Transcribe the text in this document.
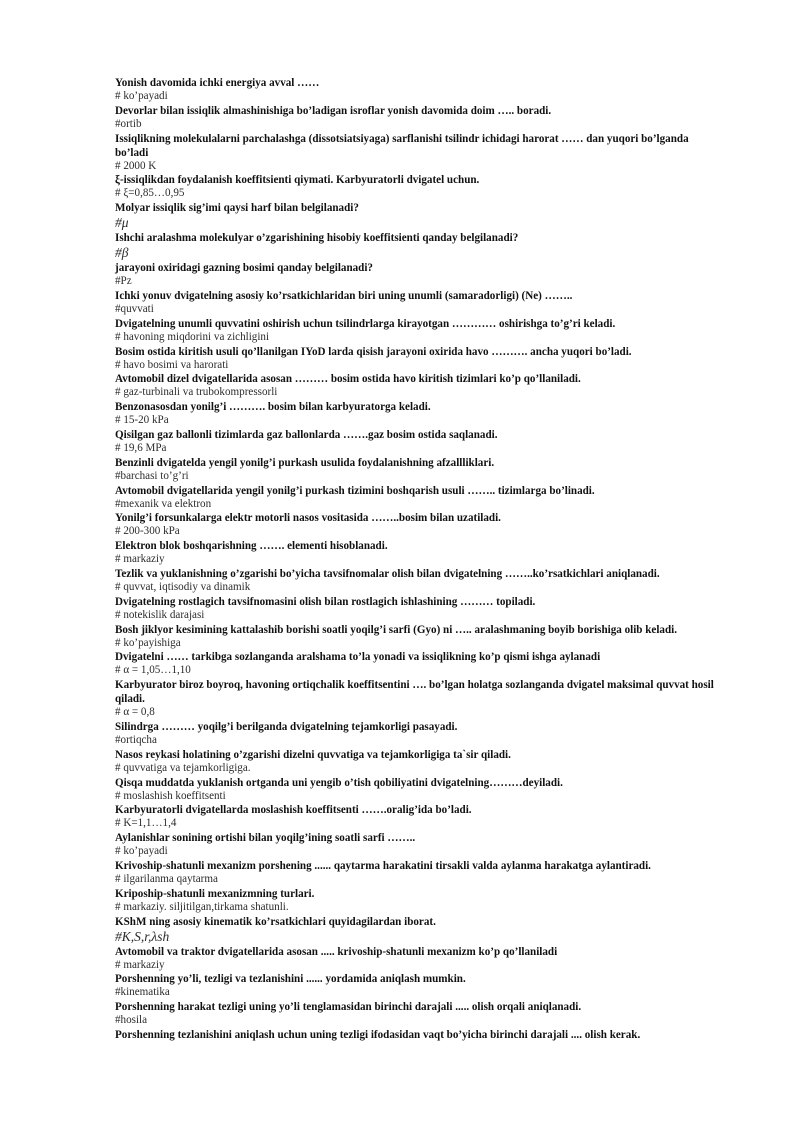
Yonish davomida ichki energiya avval ……
# ko’payadi
Devorlar bilan issiqlik almashinishiga bo’ladigan isroflar yonish davomida doim ….. boradi.
#ortib
Issiqlikning molekulalarni parchalashga (dissotsiatsiyaga) sarflanishi tsilindr ichidagi harorat …… dan yuqori bo’lganda bo’ladi
# 2000 K
ξ-issiqlikdan foydalanish koeffitsienti qiymati. Karbyuratorli dvigatel uchun.
# ξ=0,85…0,95
Molyar issiqlik sig’imi qaysi harf bilan belgilanadi?
#μ
Ishchi aralashma molekulyar o’zgarishining hisobiy koeffitsienti qanday belgilanadi?
#β
jarayoni oxiridagi gazning bosimi qanday belgilanadi?
#Pz
Ichki yonuv dvigatelning asosiy ko’rsatkichlaridan biri uning unumli (samaradorligi) (Ne) ……..
#quvvati
Dvigatelning unumli quvvatini oshirish uchun tsilindrlarga kirayotgan ………… oshirishga to’g’ri keladi.
# havoning miqdorini va zichligini
Bosim ostida kiritish usuli qo’llanilgan IYoD larda qisish jarayoni oxirida havo ………. ancha yuqori bo’ladi.
# havo bosimi va harorati
Avtomobil dizel dvigatellarida asosan ……… bosim ostida havo kiritish tizimlari ko’p qo’llaniladi.
# gaz-turbinali va trubokompressorli
Benzonasosdan yonilg’i ………. bosim bilan karbyuratorga keladi.
# 15-20 kPa
Qisilgan gaz ballonli tizimlarda gaz ballonlarda …….gaz bosim ostida saqlanadi.
# 19,6 MPa
Benzinli dvigatelda yengil yonilg’i purkash usulida foydalanishning afzallliklari.
#barchasi to’g’ri
Avtomobil dvigatellarida yengil yonilg’i purkash tizimini boshqarish usuli …….. tizimlarga bo’linadi.
#mexanik va elektron
Yonilg’i forsunkalarga elektr motorli nasos vositasida ……..bosim bilan uzatiladi.
# 200-300 kPa
Elektron blok boshqarishning ……. elementi hisoblanadi.
# markaziy
Tezlik va yuklanishning o’zgarishi bo’yicha tavsifnomalar olish bilan dvigatelning ……..ko’rsatkichlari aniqlanadi.
# quvvat, iqtisodiy va dinamik
Dvigatelning rostlagich tavsifnomasini olish bilan rostlagich ishlashining ……… topiladi.
# notekislik darajasi
Bosh jiklyor kesimining kattalashib borishi soatli yoqilg’i sarfi (Gyo) ni ….. aralashmaning boyib borishiga olib keladi.
# ko’payishiga
Dvigatelni …… tarkibga sozlanganda aralshama to’la yonadi va issiqlikning ko’p qismi ishga aylanadi
# α = 1,05…1,10
Karbyurator biroz boyroq, havoning ortiqchalik koeffitsentini …. bo’lgan holatga sozlanganda dvigatel maksimal quvvat hosil qiladi.
# α = 0,8
Silindrga ……… yoqilg’i berilganda dvigatelning tejamkorligi pasayadi.
#ortiqcha
Nasos reykasi holatining o’zgarishi dizelni quvvatiga va tejamkorligiga ta`sir qiladi.
# quvvatiga va tejamkorligiga.
Qisqa muddatda yuklanish ortganda uni yengib o’tish qobiliyatini dvigatelning………deyiladi.
# moslashish koeffitsenti
Karbyuratorli dvigatellarda moslashish koeffitsenti …….oralig’ida bo’ladi.
# K=1,1…1,4
Aylanishlar sonining ortishi bilan yoqilg’ining soatli sarfi ……..
# ko’payadi
Krivoship-shatunli mexanizm porshening ...... qaytarma harakatini tirsakli valda aylanma harakatga aylantiradi.
# ilgarilanma qaytarma
Kripoship-shatunli mexanizmning turlari.
# markaziy. siljitilgan,tirkama shatunli.
KShM ning asosiy kinematik ko’rsatkichlari quyidagilardan iborat.
#K,S,r,λsh
Avtomobil va traktor dvigatellarida asosan ..... krivoship-shatunli mexanizm ko’p qo’llaniladi
# markaziy
Porshenning yo’li, tezligi va tezlanishini ...... yordamida aniqlash mumkin.
#kinematika
Porshenning harakat tezligi uning yo’li tenglamasidan birinchi darajali ..... olish orqali aniqlanadi.
#hosila
Porshenning tezlanishini aniqlash uchun uning tezligi ifodasidan vaqt bo’yicha birinchi darajali .... olish kerak.
